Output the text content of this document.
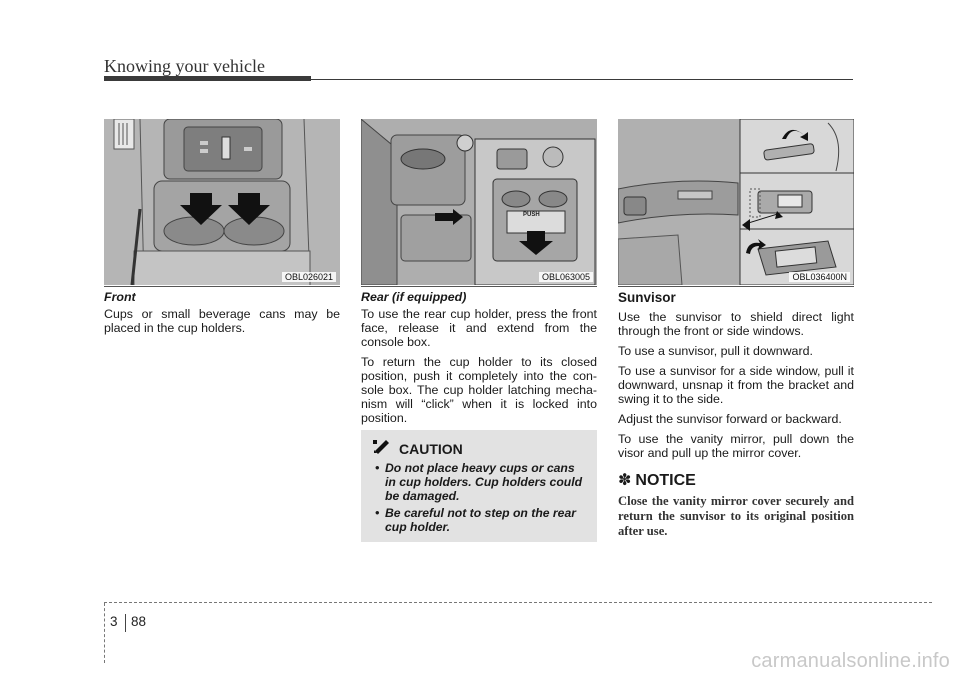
Knowing your vehicle
OBL026021
PUSH
OBL063005	OBL036400N
Front

Cups or small beverage cans may be placed in the cup holders.

Rear (if equipped)

To use the rear cup holder, press the front face, release it and extend from the console box.

To return the cup holder to its closed position, push it completely into the con-sole box. The cup holder latching mecha-nism will “click” when it is locked into position.

CAUTION
• Do not place heavy cups or cans in cup holders. Cup holders could be damaged.
• Be careful not to step on the rear cup holder.
Sunvisor

Use the sunvisor to shield direct light through the front or side windows.

To use a sunvisor, pull it downward.

To use a sunvisor for a side window, pull it downward, unsnap it from the bracket and swing it to the side.

Adjust the sunvisor forward or backward.

To use the vanity mirror, pull down the visor and pull up the mirror cover.

✽ NOTICE
Close the vanity mirror cover securely and return the sunvisor to its original position after use.
3 88
carmanualsonline.info
